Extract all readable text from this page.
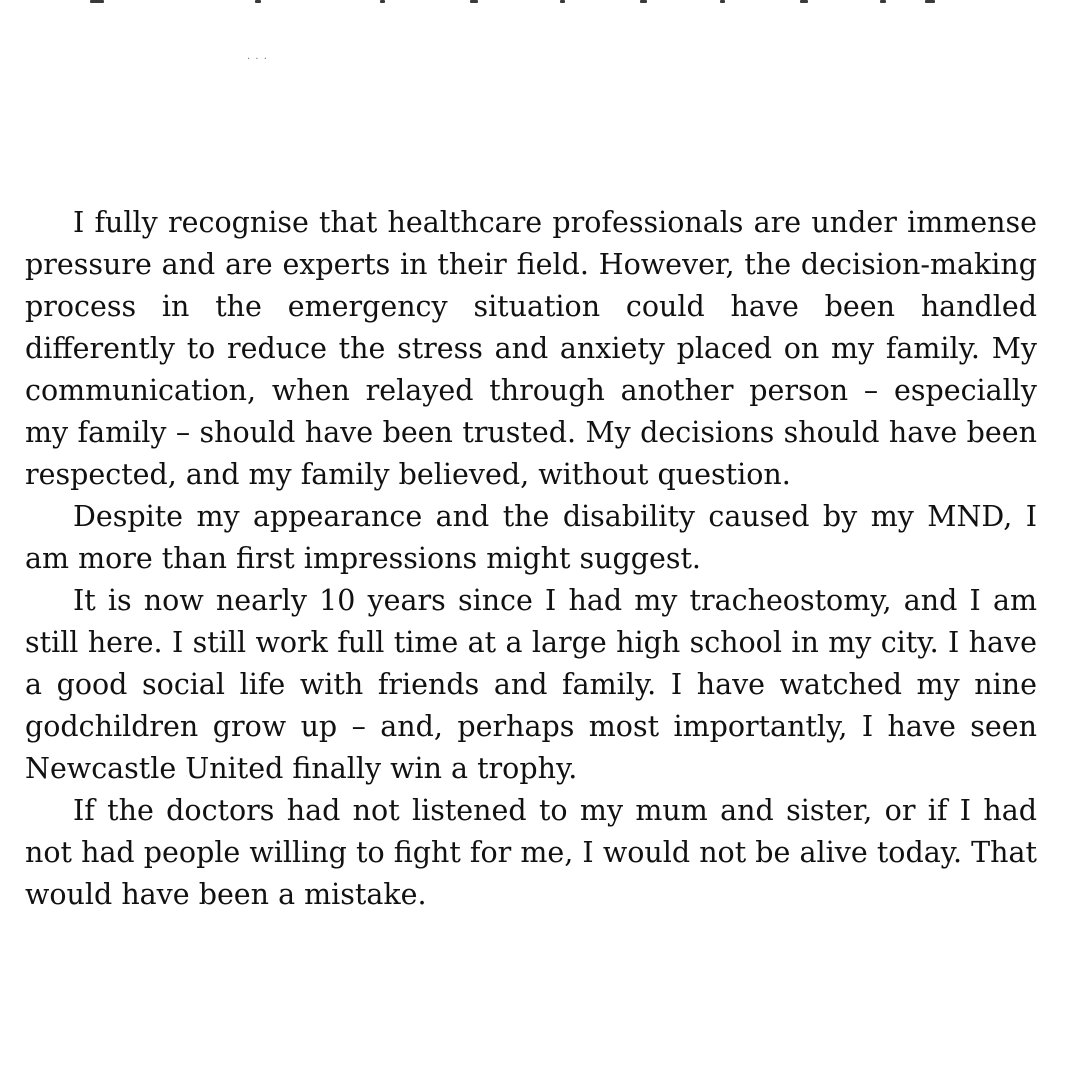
· · ·

I fully recognise that healthcare professionals are under immense pressure and are experts in their field. However, the decision-making process in the emergency situation could have been handled differently to reduce the stress and anxiety placed on my family. My communication, when relayed through another person – especially my family – should have been trusted. My decisions should have been respected, and my family believed, without question.

Despite my appearance and the disability caused by my MND, I am more than first impressions might suggest.

It is now nearly 10 years since I had my tracheostomy, and I am still here. I still work full time at a large high school in my city. I have a good social life with friends and family. I have watched my nine godchildren grow up – and, perhaps most importantly, I have seen Newcastle United finally win a trophy.

If the doctors had not listened to my mum and sister, or if I had not had people willing to fight for me, I would not be alive today. That would have been a mistake.
